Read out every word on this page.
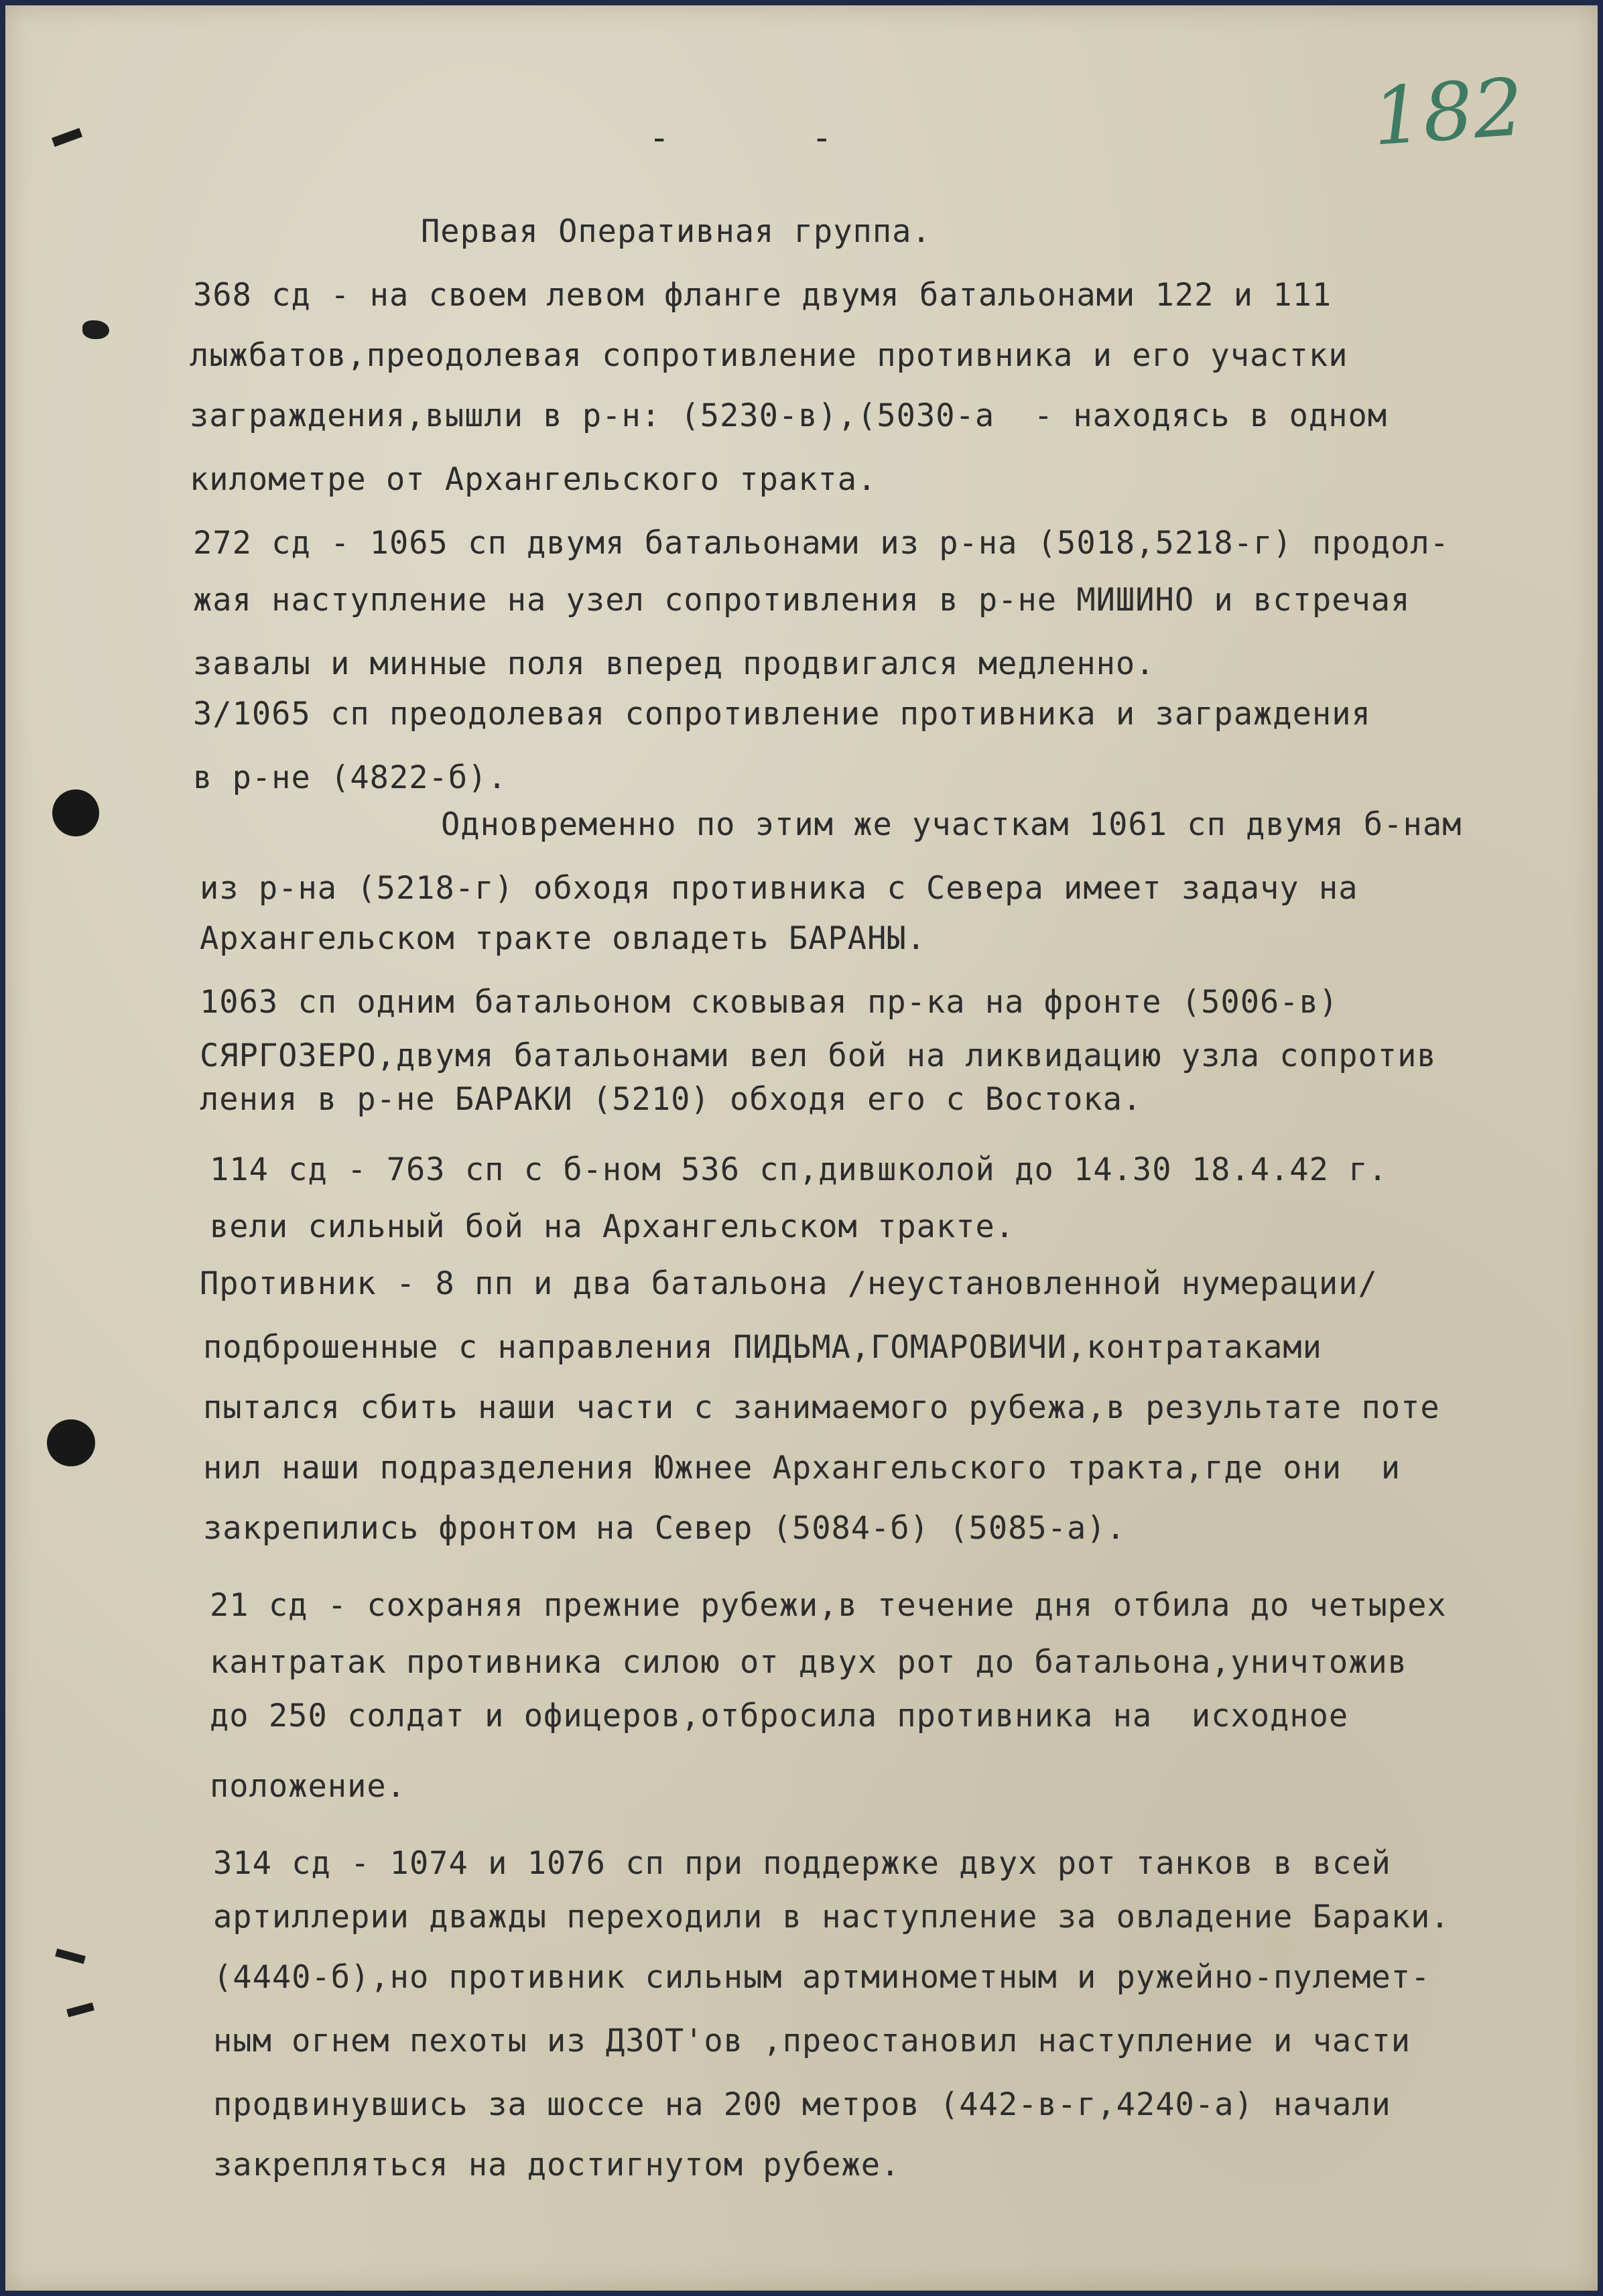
- -	182
Первая Оперативная группа.
368 сд - на своем левом фланге двумя батальонами 122 и 111
лыжбатов,преодолевая сопротивление противника и его участки
заграждения,вышли в р-н: (5230-в),(5030-а  - находясь в одном
километре от Архангельского тракта.
272 сд - 1065 сп двумя батальонами из р-на (5018,5218-г) продол-
жая наступление на узел сопротивления в р-не МИШИНО и встречая
завалы и минные поля вперед продвигался медленно.
3/1065 сп преодолевая сопротивление противника и заграждения
в р-не (4822-б).
Одновременно по этим же участкам 1061 сп двумя б-нам
из р-на (5218-г) обходя противника с Севера имеет задачу на
Архангельском тракте овладеть БАРАНЫ.
1063 сп одним батальоном сковывая пр-ка на фронте (5006-в)
СЯРГОЗЕРО,двумя батальонами вел бой на ликвидацию узла сопротив
ления в р-не БАРАКИ (5210) обходя его с Востока.
114 сд - 763 сп с б-ном 536 сп,дившколой до 14.30 18.4.42 г.
вели сильный бой на Архангельском тракте.
Противник - 8 пп и два батальона /неустановленной нумерации/
подброшенные с направления ПИДЬМА,ГОМАРОВИЧИ,контратаками
пытался сбить наши части с занимаемого рубежа,в результате поте
нил наши подразделения Южнее Архангельского тракта,где они  и
закрепились фронтом на Север (5084-б) (5085-а).
21 сд - сохраняя прежние рубежи,в течение дня отбила до четырех
кантратак противника силою от двух рот до батальона,уничтожив
до 250 солдат и офицеров,отбросила противника на  исходное
положение.
314 сд - 1074 и 1076 сп при поддержке двух рот танков в всей
артиллерии дважды переходили в наступление за овладение Бараки.
(4440-б),но противник сильным артминометным и ружейно-пулемет-
ным огнем пехоты из ДЗОТ'ов ,преостановил наступление и части
продвинувшись за шоссе на 200 метров (442-в-г,4240-а) начали
закрепляться на достигнутом рубеже.
